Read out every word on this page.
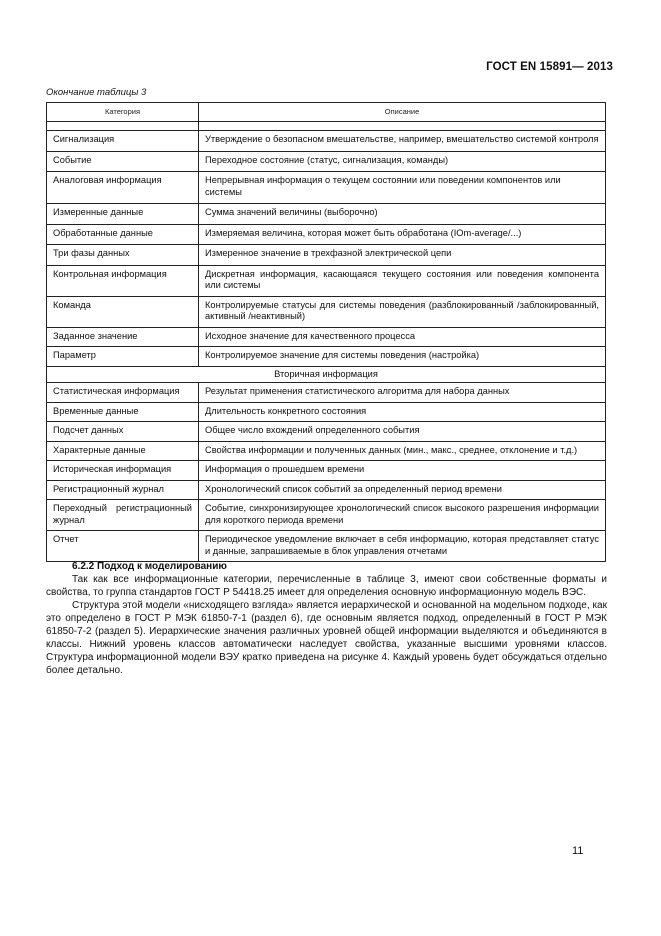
ГОСТ EN 15891— 2013
Окончание таблицы 3
Категория	Описание

Сигнализация	Утверждение о безопасном вмешательстве, например, вмешательство системой контроля
Событие	Переходное состояние (статус, сигнализация, команды)
Аналоговая информация	Непрерывная информация о текущем состоянии или поведении компонентов или системы
Измеренные данные	Сумма значений величины (выборочно)
Обработанные данные	Измеряемая величина, которая может быть обработана (IOm-average/...)
Три фазы данных	Измеренное значение в трехфазной электрической цепи
Контрольная информация	Дискретная информация, касающаяся текущего состояния или поведения компонента или системы
Команда	Контролируемые статусы для системы поведения (разблокированный /заблокированный, активный /неактивный)
Заданное значение	Исходное значение для качественного процесса
Параметр	Контролируемое значение для системы поведения (настройка)
Вторичная информация	
Статистическая информация	Результат применения статистического алгоритма для набора данных
Временные данные	Длительность конкретного состояния
Подсчет данных	Общее число вхождений определенного события
Характерные данные	Свойства информации и полученных данных (мин., макс., среднее, отклонение и т.д.)
Историческая информация	Информация о прошедшем времени
Регистрационный журнал	Хронологический список событий за определенный период времени
Переходный регистрационный журнал	Событие, синхронизирующее хронологический список высокого разрешения информации для короткого периода времени
Отчет	Периодическое уведомление включает в себя информацию, которая представляет статус и данные, запрашиваемые в блок управления отчетами
6.2.2 Подход к моделированию

Так как все информационные категории, перечисленные в таблице 3, имеют свои собственные форматы и свойства, то группа стандартов ГОСТ Р 54418.25 имеет для определения основную информационную модель ВЭС.

Структура этой модели «нисходящего взгляда» является иерархической и основанной на модельном подходе, как это определено в ГОСТ Р МЭК 61850-7-1 (раздел 6), где основным является подход, определенный в ГОСТ Р МЭК 61850-7-2 (раздел 5). Иерархические значения различных уровней общей информации выделяются и объединяются в классы. Нижний уровень классов автоматически наследует свойства, указанные высшими уровнями классов. Структура информационной модели ВЭУ кратко приведена на рисунке 4. Каждый уровень будет обсуждаться отдельно более детально.

11
